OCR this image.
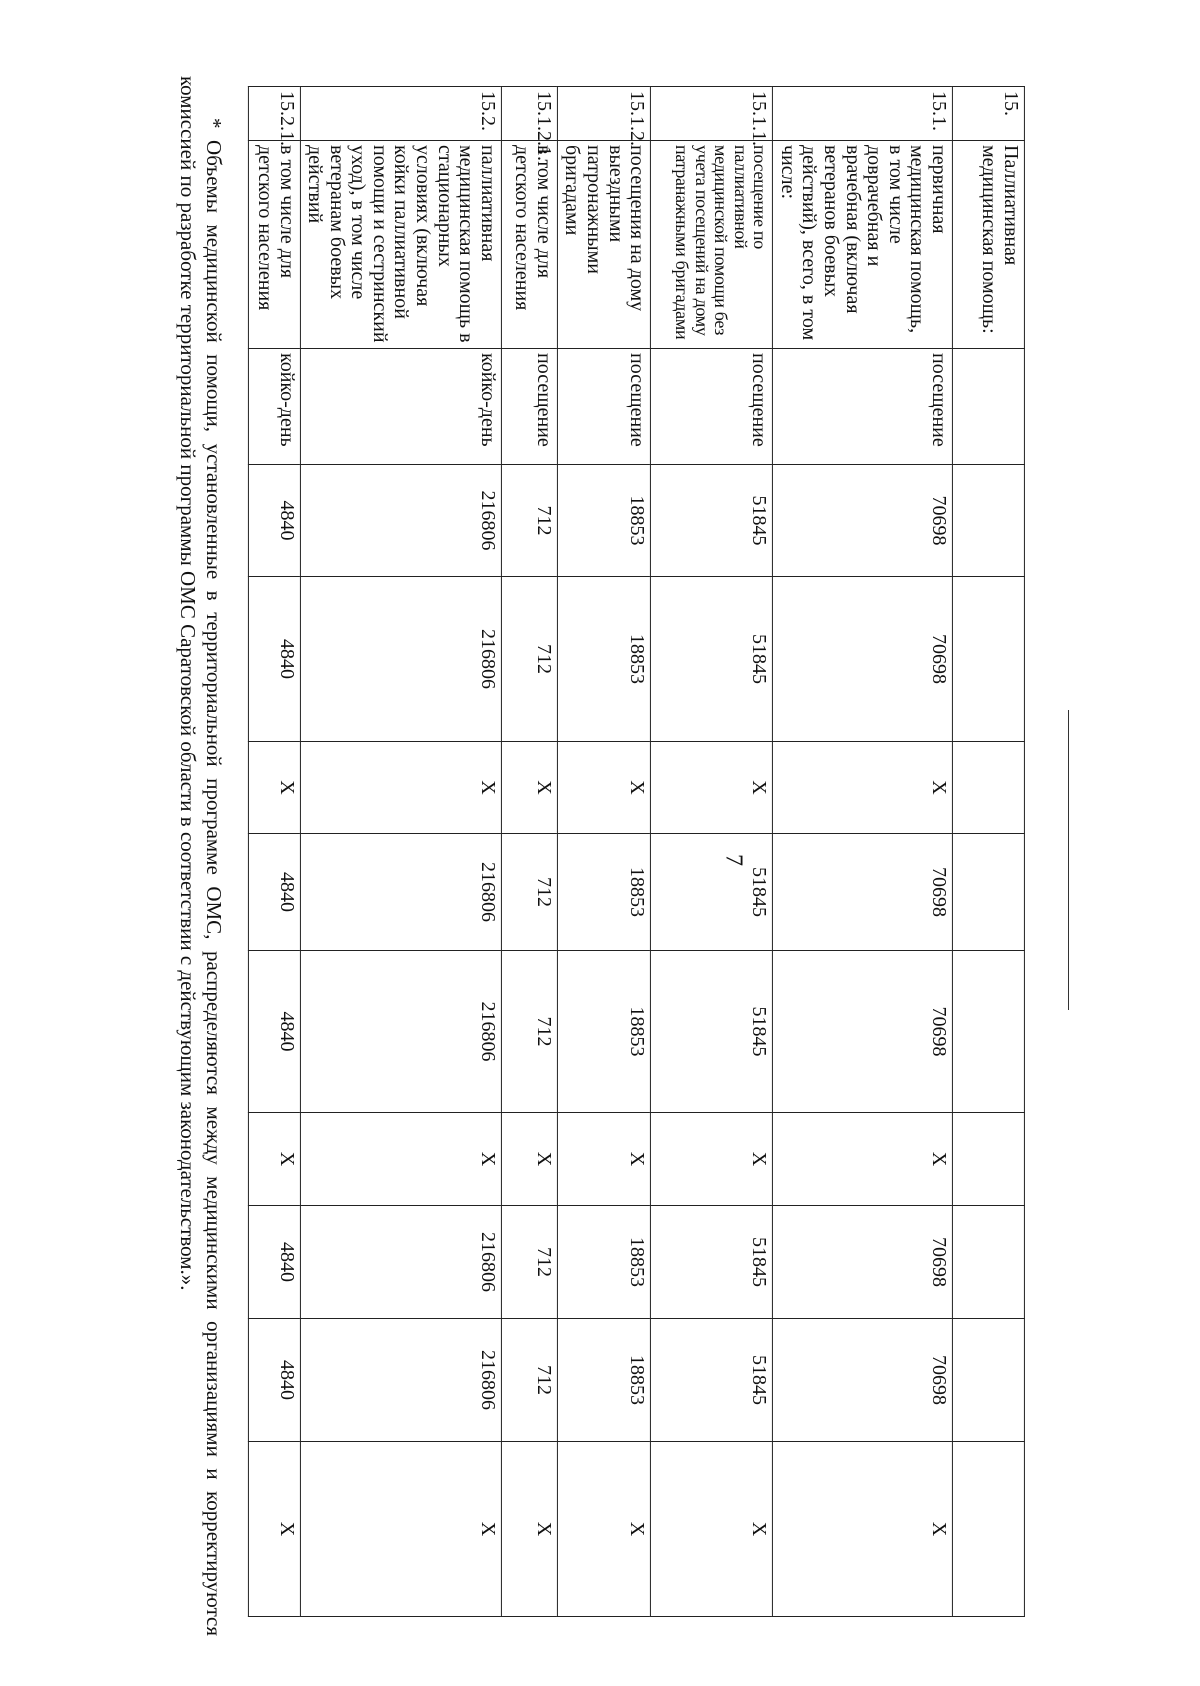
7
15.	Паллиативная медицинская помощь:										
15.1.	первичная медицинская помощь, в том числе доврачебная и врачебная (включая ветеранов боевых действий), всего, в том числе:	посещение	70698	70698	X	70698	70698	X	70698	70698	X
15.1.1.	посещение по паллиативной медицинской помощи без учета посещений на дому патранажными бригадами	посещение	51845	51845	X	51845	51845	X	51845	51845	X
15.1.2.	посещения на дому выездными патронажными бригадами	посещение	18853	18853	X	18853	18853	X	18853	18853	X
15.1.2.1.	в том числе для детского населения	посещение	712	712	X	712	712	X	712	712	X
15.2.	паллиативная медицинская помощь в стационарных условиях (включая койки паллиативной помощи и сестринский уход), в том числе ветеранам боевых действий	койко-день	216806	216806	X	216806	216806	X	216806	216806	X
15.2.1.	в том числе для детского населения	койко-день	4840	4840	X	4840	4840	X	4840	4840	X
* Объемы медицинской помощи, установленные в территориальной программе ОМС, распределяются между медицинскими организациями и корректируются комиссией по разработке территориальной программы ОМС Саратовской области в соответствии с действующим законодательством.».
